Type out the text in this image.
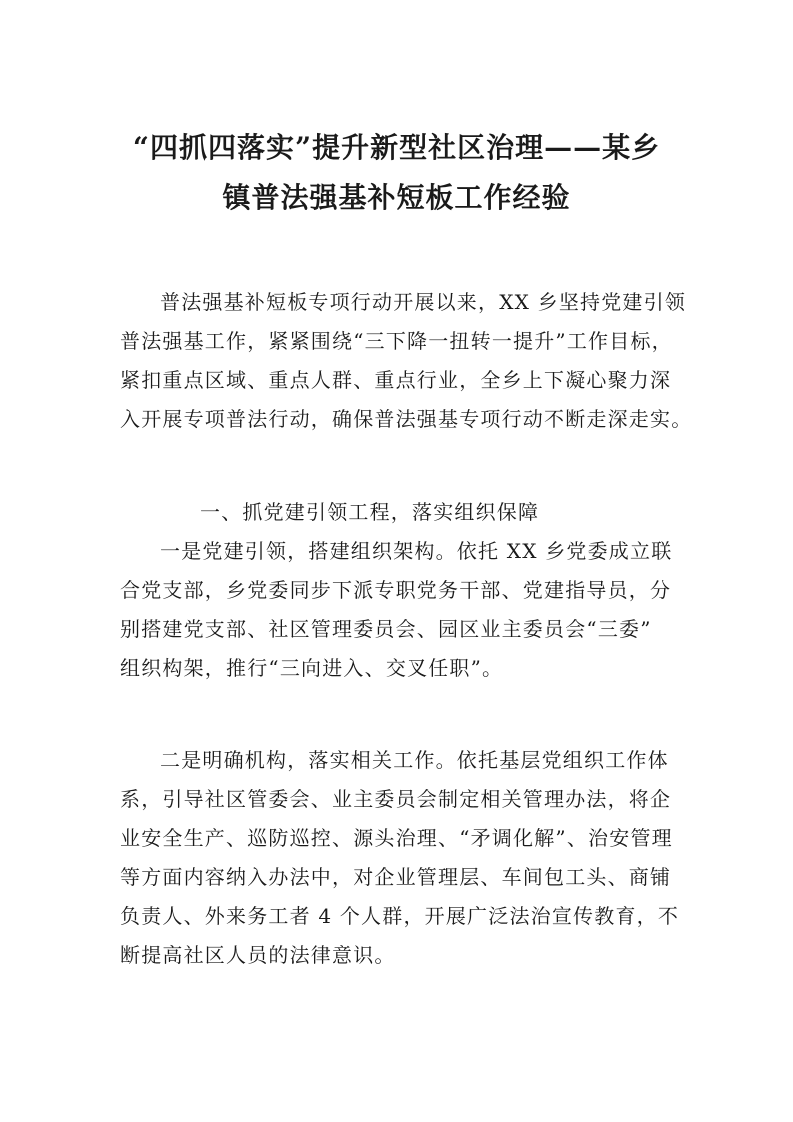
“四抓四落实”提升新型社区治理——某乡
镇普法强基补短板工作经验
普法强基补短板专项行动开展以来，XX 乡坚持党建引领
普法强基工作，紧紧围绕“三下降一扭转一提升”工作目标，
紧扣重点区域、重点人群、重点行业，全乡上下凝心聚力深
入开展专项普法行动，确保普法强基专项行动不断走深走实。
一、抓党建引领工程，落实组织保障
一是党建引领，搭建组织架构。依托 XX 乡党委成立联
合党支部，乡党委同步下派专职党务干部、党建指导员，分
别搭建党支部、社区管理委员会、园区业主委员会“三委”
组织构架，推行“三向进入、交叉任职”。
二是明确机构，落实相关工作。依托基层党组织工作体
系，引导社区管委会、业主委员会制定相关管理办法，将企
业安全生产、巡防巡控、源头治理、“矛调化解”、治安管理
等方面内容纳入办法中，对企业管理层、车间包工头、商铺
负责人、外来务工者 4 个人群，开展广泛法治宣传教育，不
断提高社区人员的法律意识。
